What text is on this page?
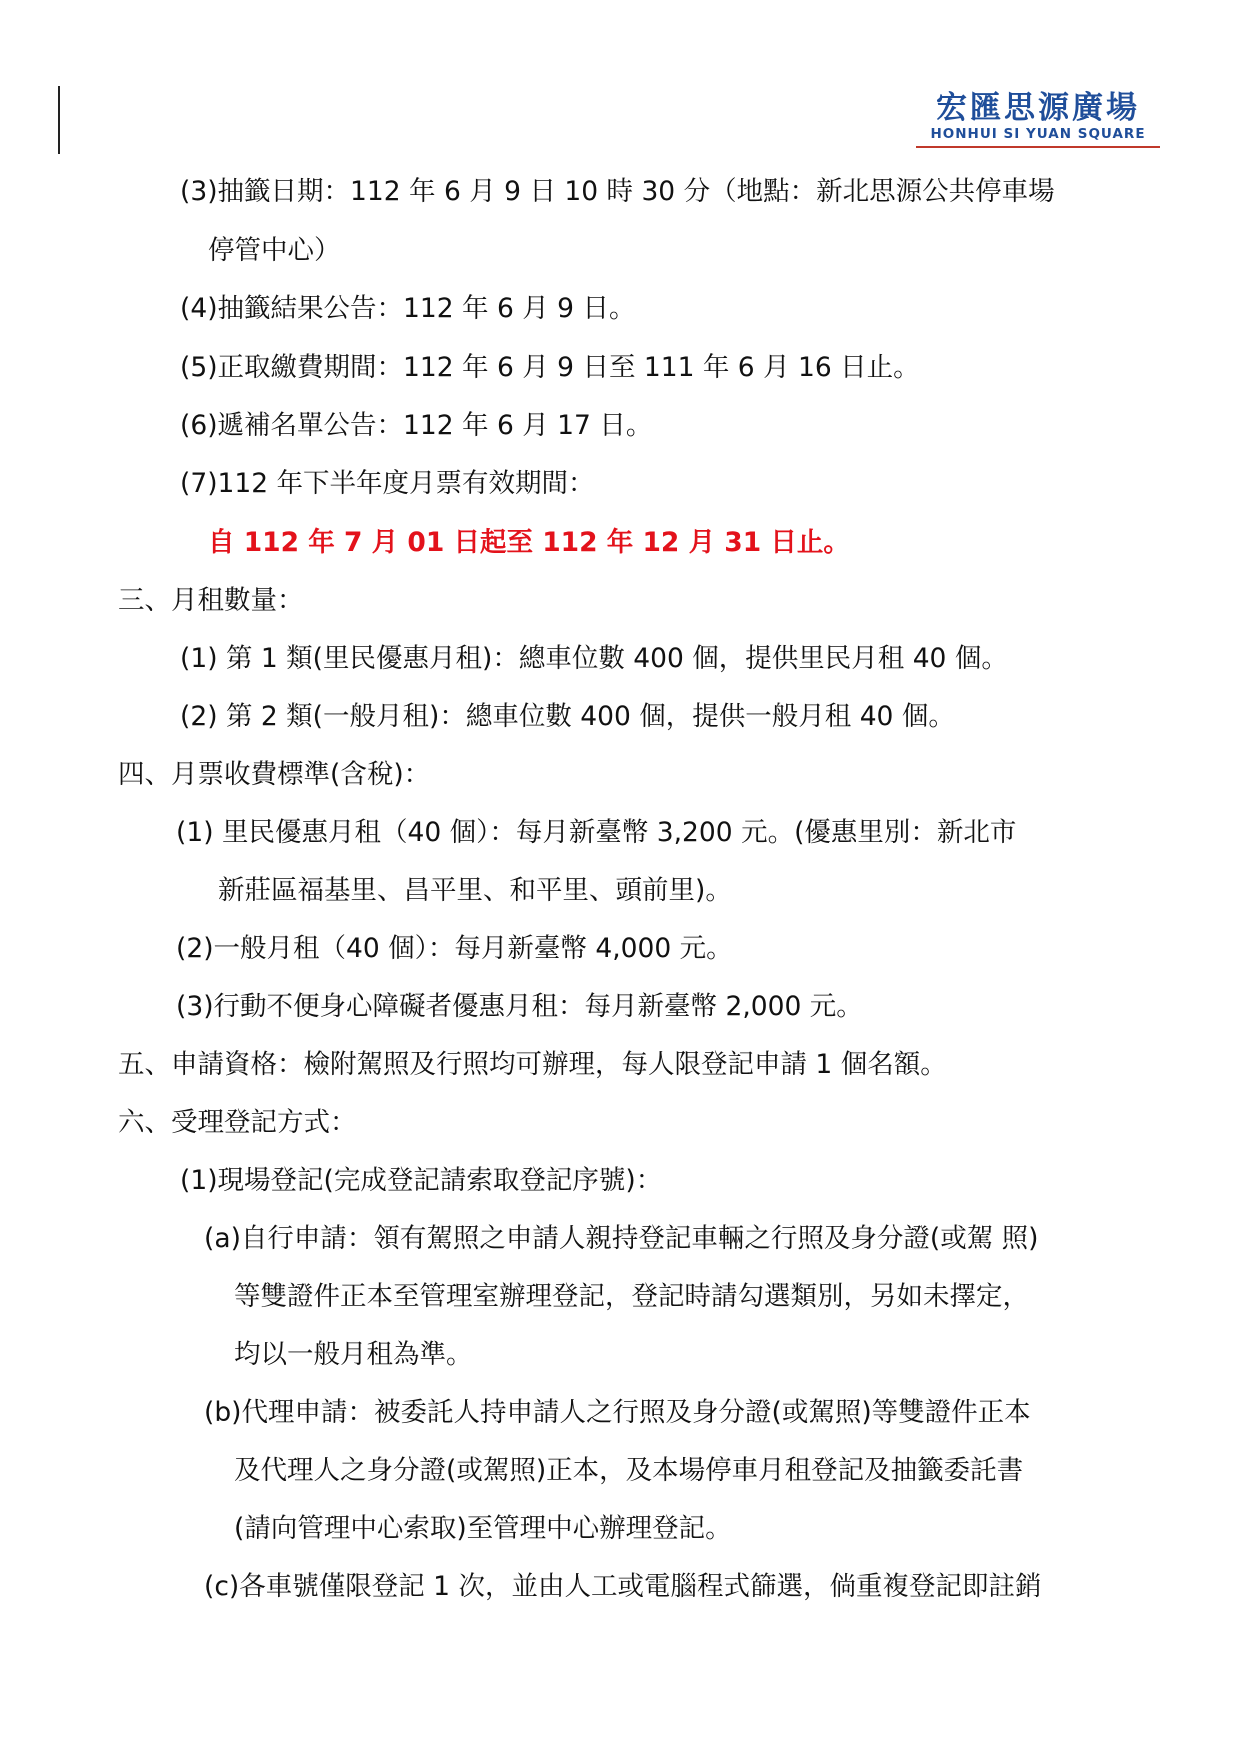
宏匯思源廣場
HONHUI SI YUAN SQUARE
(3)抽籤日期：112 年 6 月 9 日 10 時 30 分（地點：新北思源公共停車場
停管中心）
(4)抽籤結果公告：112 年 6 月 9 日。
(5)正取繳費期間：112 年 6 月 9 日至 111 年 6 月 16 日止。
(6)遞補名單公告：112 年 6 月 17 日。
(7)112 年下半年度月票有效期間：
自 112 年 7 月 01 日起至 112 年 12 月 31 日止。
三、月租數量：
(1) 第 1 類(里民優惠月租)：總車位數 400 個，提供里民月租 40 個。
(2) 第 2 類(一般月租)：總車位數 400 個，提供一般月租 40 個。
四、月票收費標準(含稅)：
(1) 里民優惠月租（40 個）：每月新臺幣 3,200 元。(優惠里別：新北市
新莊區福基里、昌平里、和平里、頭前里)。
(2)一般月租（40 個）：每月新臺幣 4,000 元。
(3)行動不便身心障礙者優惠月租：每月新臺幣 2,000 元。
五、申請資格：檢附駕照及行照均可辦理，每人限登記申請 1 個名額。
六、受理登記方式：
(1)現場登記(完成登記請索取登記序號)：
(a)自行申請：領有駕照之申請人親持登記車輛之行照及身分證(或駕 照)
等雙證件正本至管理室辦理登記，登記時請勾選類別，另如未擇定，
均以一般月租為準。
(b)代理申請：被委託人持申請人之行照及身分證(或駕照)等雙證件正本
及代理人之身分證(或駕照)正本，及本場停車月租登記及抽籤委託書
(請向管理中心索取)至管理中心辦理登記。
(c)各車號僅限登記 1 次，並由人工或電腦程式篩選，倘重複登記即註銷
